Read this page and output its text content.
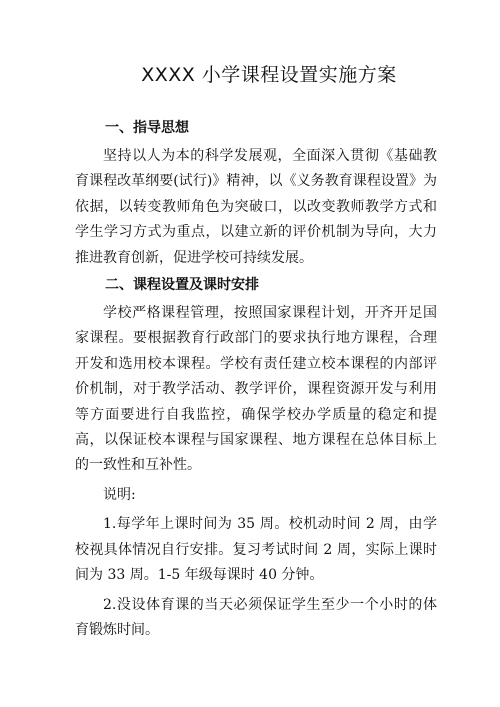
XXXX 小学课程设置实施方案
一、指导思想

坚持以人为本的科学发展观，全面深入贯彻《基础教育课程改革纲要(试行)》精神，以《义务教育课程设置》为依据，以转变教师角色为突破口，以改变教师教学方式和学生学习方式为重点，以建立新的评价机制为导向，大力推进教育创新，促进学校可持续发展。

二、课程设置及课时安排

学校严格课程管理，按照国家课程计划，开齐开足国家课程。要根据教育行政部门的要求执行地方课程，合理开发和选用校本课程。学校有责任建立校本课程的内部评价机制，对于教学活动、教学评价，课程资源开发与利用等方面要进行自我监控，确保学校办学质量的稳定和提高，以保证校本课程与国家课程、地方课程在总体目标上的一致性和互补性。

说明:

1.每学年上课时间为 35 周。校机动时间 2 周，由学校视具体情况自行安排。复习考试时间 2 周，实际上课时间为 33 周。1-5 年级每课时 40 分钟。

2.没设体育课的当天必须保证学生至少一个小时的体育锻炼时间。
